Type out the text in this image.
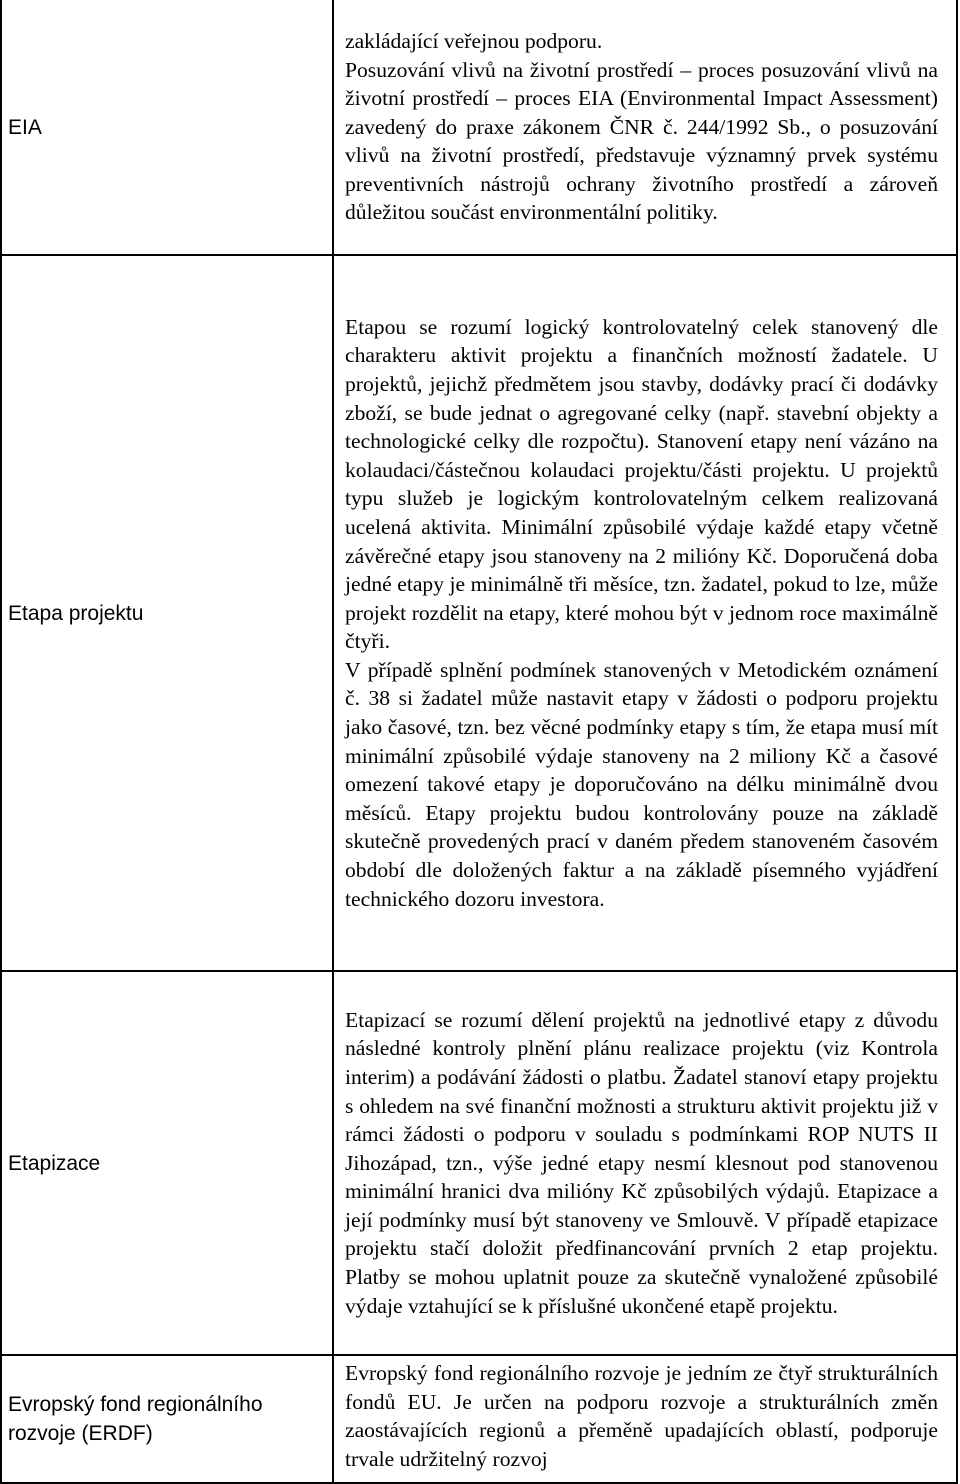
EIA	zakládající veřejnou podporu.

Posuzování vlivů na životní prostředí – proces posuzování vlivů na životní prostředí – proces EIA (Environmental Impact Assessment) zavedený do praxe zákonem ČNR č. 244/1992 Sb., o posuzování vlivů na životní prostředí, představuje významný prvek systému preventivních nástrojů ochrany životního prostředí a zároveň důležitou součást environmentální politiky.

Etapa projektu	Etapou se rozumí logický kontrolovatelný celek stanovený dle charakteru aktivit projektu a finančních možností žadatele. U projektů, jejichž předmětem jsou stavby, dodávky prací či dodávky zboží, se bude jednat o agregované celky (např. stavební objekty a technologické celky dle rozpočtu). Stanovení etapy není vázáno na kolaudaci/částečnou kolaudaci projektu/části projektu. U projektů typu služeb je logickým kontrolovatelným celkem realizovaná ucelená aktivita. Minimální způsobilé výdaje každé etapy včetně závěrečné etapy jsou stanoveny na 2 milióny Kč. Doporučená doba jedné etapy je minimálně tři měsíce, tzn. žadatel, pokud to lze, může projekt rozdělit na etapy, které mohou být v jednom roce maximálně čtyři.

V případě splnění podmínek stanovených v Metodickém oznámení č. 38 si žadatel může nastavit etapy v žádosti o podporu projektu jako časové, tzn. bez věcné podmínky etapy s tím, že etapa musí mít minimální způsobilé výdaje stanoveny na 2 miliony Kč a časové omezení takové etapy je doporučováno na délku minimálně dvou měsíců. Etapy projektu budou kontrolovány pouze na základě skutečně provedených prací v daném předem stanoveném časovém období dle doložených faktur a na základě písemného vyjádření technického dozoru investora.

Etapizace	Etapizací se rozumí dělení projektů na jednotlivé etapy z důvodu následné kontroly plnění plánu realizace projektu (viz Kontrola interim) a podávání žádosti o platbu. Žadatel stanoví etapy projektu s ohledem na své finanční možnosti a strukturu aktivit projektu již v rámci žádosti o podporu v souladu s podmínkami ROP NUTS II Jihozápad, tzn., výše jedné etapy nesmí klesnout pod stanovenou minimální hranici dva milióny Kč způsobilých výdajů. Etapizace a její podmínky musí být stanoveny ve Smlouvě. V případě etapizace projektu stačí doložit předfinancování prvních 2 etap projektu. Platby se mohou uplatnit pouze za skutečně vynaložené způsobilé výdaje vztahující se k příslušné ukončené etapě projektu.

Evropský fond regionálního rozvoje (ERDF)	Evropský fond regionálního rozvoje je jedním ze čtyř strukturálních fondů EU. Je určen na podporu rozvoje a strukturálních změn zaostávajících regionů a přeměně upadajících oblastí, podporuje trvale udržitelný rozvoj
